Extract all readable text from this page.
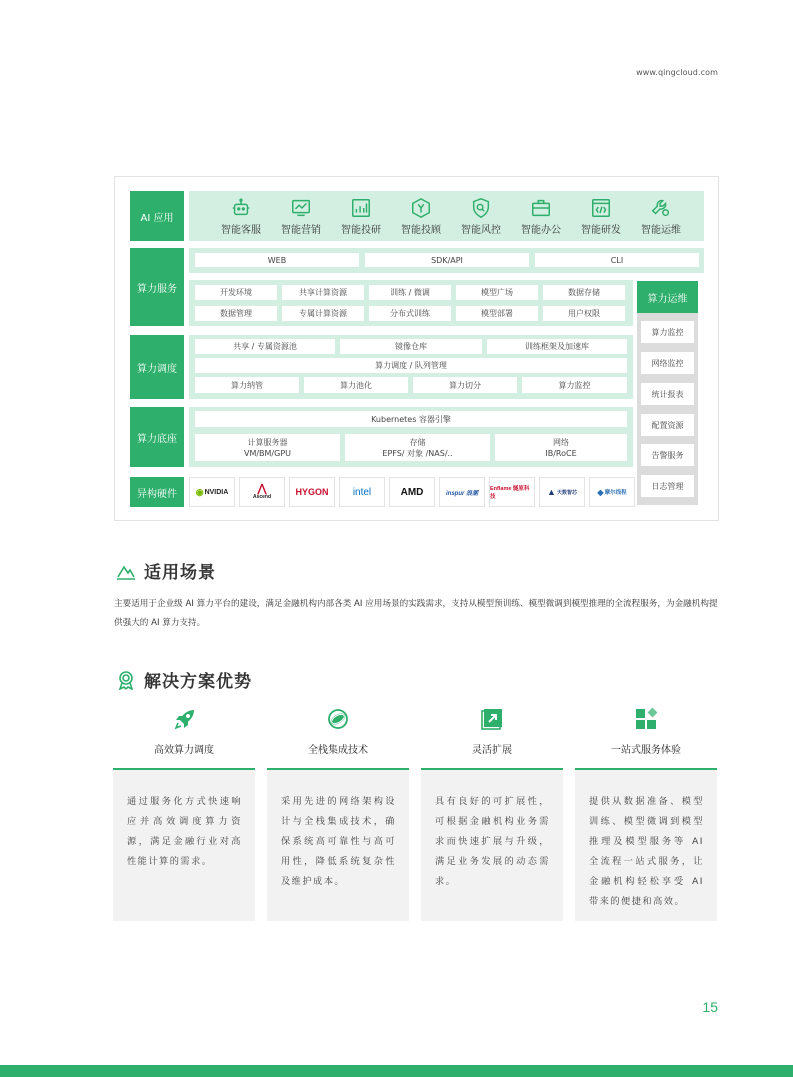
www.qingcloud.com
AI 应用
智能客服	智能营销	智能投研	智能投顾	智能风控	智能办公	智能研发	智能运维
算力服务
WEB	SDK/API	CLI
开发环境	共享计算资源	训练 / 微调	模型广场	数据存储
数据管理	专属计算资源	分布式训练	模型部署	用户权限
算力调度
共享 / 专属资源池	镜像仓库	训练框架及加速库
算力调度 / 队列管理
算力纳管	算力池化	算力切分	算力监控
算力底座
Kubernetes 容器引擎
计算服务器
VM/BM/GPU
存储
EPFS/ 对象 /NAS/..
网络
IB/RoCE
异构硬件	◉ NVIDIA	⋀
Ascend	HYGON	intel	AMD	inspur 浪潮
Enflame 燧原科技	▲ 天数智芯	◆ 摩尔线程
算力运维
算力监控
网络监控
统计报表
配置资源
告警服务
日志管理
适用场景
主要适用于企业级 AI 算力平台的建设，满足金融机构内部各类 AI 应用场景的实践需求，支持从模型预训练、模型微调到模型推理的全流程服务，为金融机构提供强大的 AI 算力支持。
解决方案优势
高效算力调度	全栈集成技术	灵活扩展	一站式服务体验
通过服务化方式快速响应并高效调度算力资源，满足金融行业对高性能计算的需求。
采用先进的网络架构设计与全栈集成技术，确保系统高可靠性与高可用性，降低系统复杂性及维护成本。
具有良好的可扩展性，可根据金融机构业务需求而快速扩展与升级，满足业务发展的动态需求。
提供从数据准备、模型训练、模型微调到模型推理及模型服务等 AI 全流程一站式服务，让金融机构轻松享受 AI 带来的便捷和高效。
15
